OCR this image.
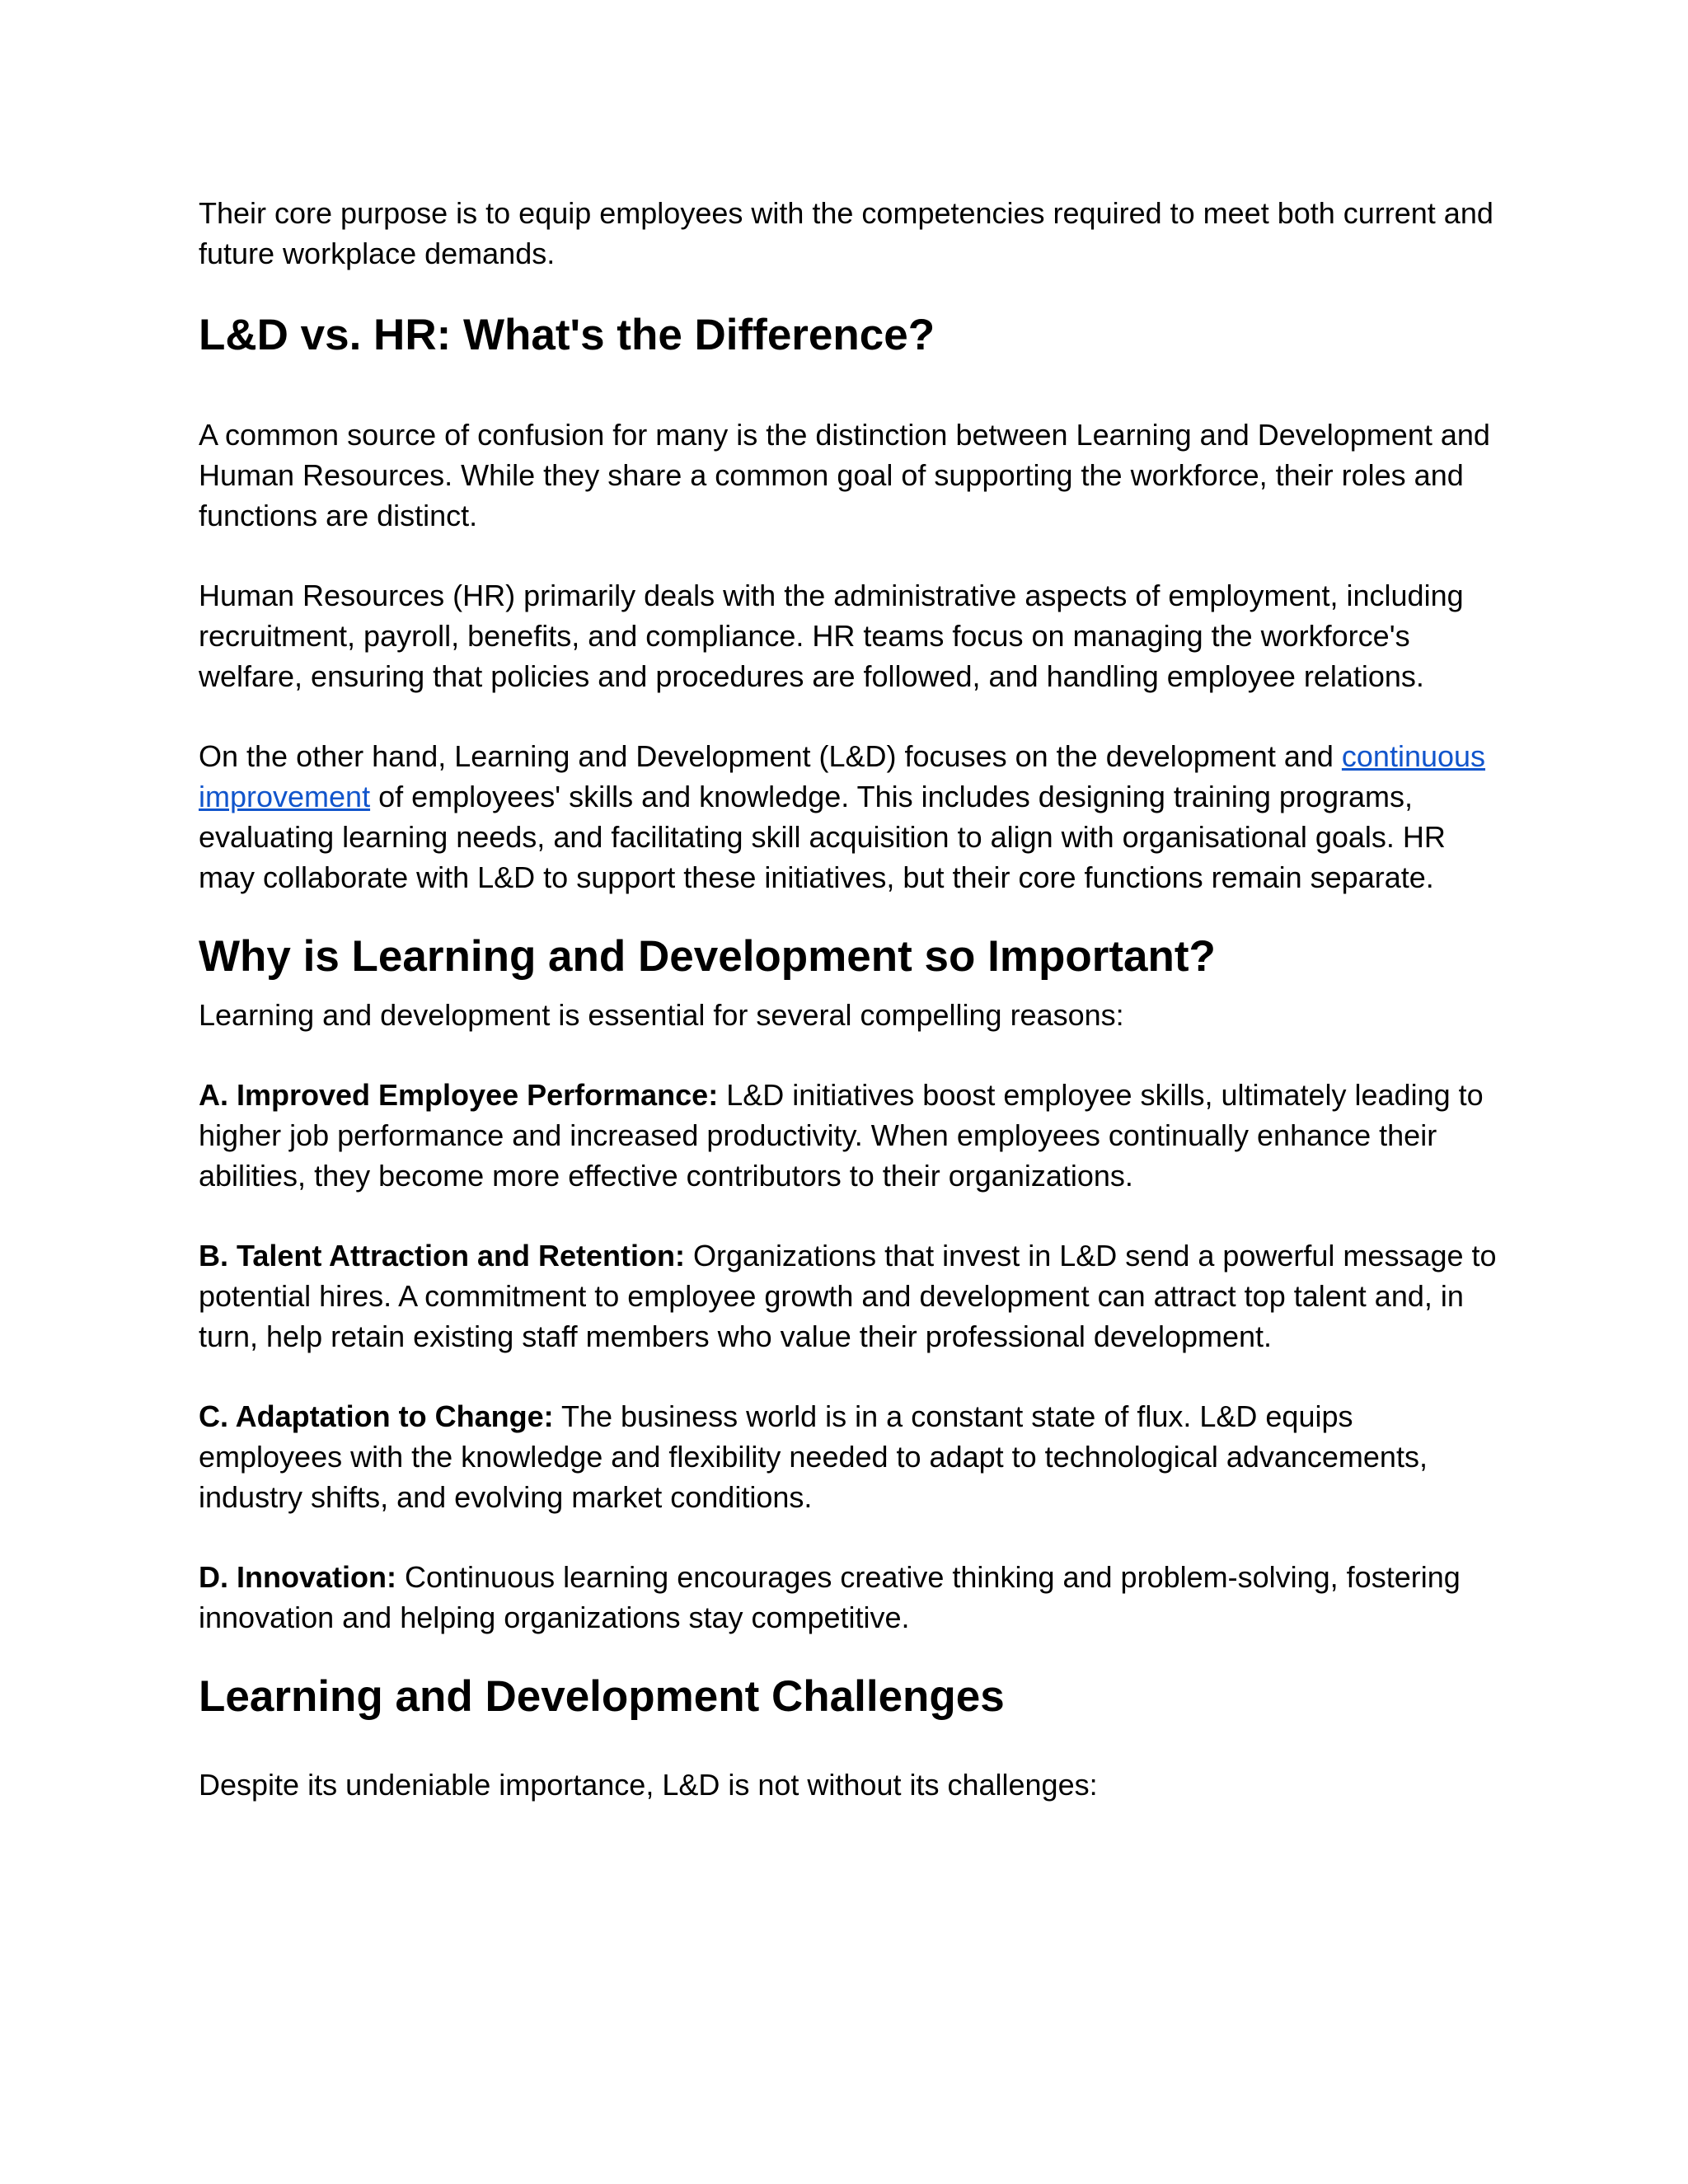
Their core purpose is to equip employees with the competencies required to meet both current and future workplace demands.

L&D vs. HR: What's the Difference?

A common source of confusion for many is the distinction between Learning and Development and Human Resources. While they share a common goal of supporting the workforce, their roles and functions are distinct.

Human Resources (HR) primarily deals with the administrative aspects of employment, including recruitment, payroll, benefits, and compliance. HR teams focus on managing the workforce's welfare, ensuring that policies and procedures are followed, and handling employee relations.

On the other hand, Learning and Development (L&D) focuses on the development and continuous improvement of employees' skills and knowledge. This includes designing training programs, evaluating learning needs, and facilitating skill acquisition to align with organisational goals. HR may collaborate with L&D to support these initiatives, but their core functions remain separate.

Why is Learning and Development so Important?

Learning and development is essential for several compelling reasons:

A. Improved Employee Performance: L&D initiatives boost employee skills, ultimately leading to higher job performance and increased productivity. When employees continually enhance their abilities, they become more effective contributors to their organizations.

B. Talent Attraction and Retention: Organizations that invest in L&D send a powerful message to potential hires. A commitment to employee growth and development can attract top talent and, in turn, help retain existing staff members who value their professional development.

C. Adaptation to Change: The business world is in a constant state of flux. L&D equips employees with the knowledge and flexibility needed to adapt to technological advancements, industry shifts, and evolving market conditions.

D. Innovation: Continuous learning encourages creative thinking and problem-solving, fostering innovation and helping organizations stay competitive.

Learning and Development Challenges

Despite its undeniable importance, L&D is not without its challenges:
